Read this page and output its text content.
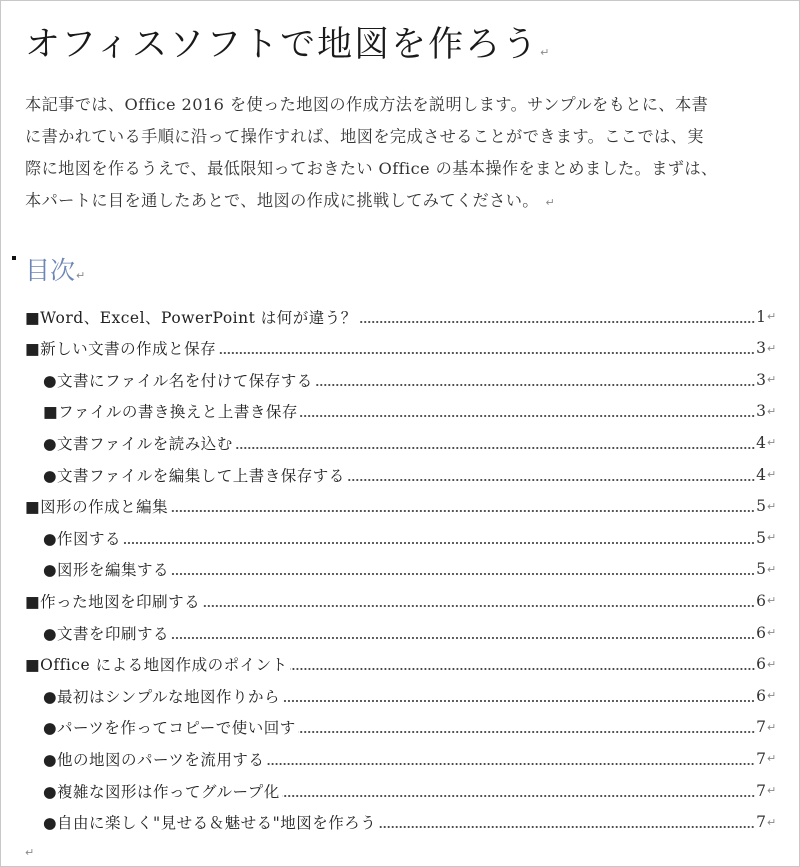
オフィスソフトで地図を作ろう↵

本記事では、Office 2016 を使った地図の作成方法を説明します。サンプルをもとに、本書
に書かれている手順に沿って操作すれば、地図を完成させることができます。ここでは、実
際に地図を作るうえで、最低限知っておきたい Office の基本操作をまとめました。まずは、
本パートに目を通したあとで、地図の作成に挑戦してみてください。 ↵

目次↵
■Word、Excel、PowerPoint は何が違う？	1 ↵
■新しい文書の作成と保存	3 ↵
●文書にファイル名を付けて保存する	3 ↵
■ファイルの書き換えと上書き保存	3 ↵
●文書ファイルを読み込む	4 ↵
●文書ファイルを編集して上書き保存する	4 ↵
■図形の作成と編集	5 ↵
●作図する	5 ↵
●図形を編集する	5 ↵
■作った地図を印刷する	6 ↵
●文書を印刷する	6 ↵
■Office による地図作成のポイント	6 ↵
●最初はシンプルな地図作りから	6 ↵
●パーツを作ってコピーで使い回す	7 ↵
●他の地図のパーツを流用する	7 ↵
●複雑な図形は作ってグループ化	7 ↵
●自由に楽しく"見せる＆魅せる"地図を作ろう	7 ↵
↵
